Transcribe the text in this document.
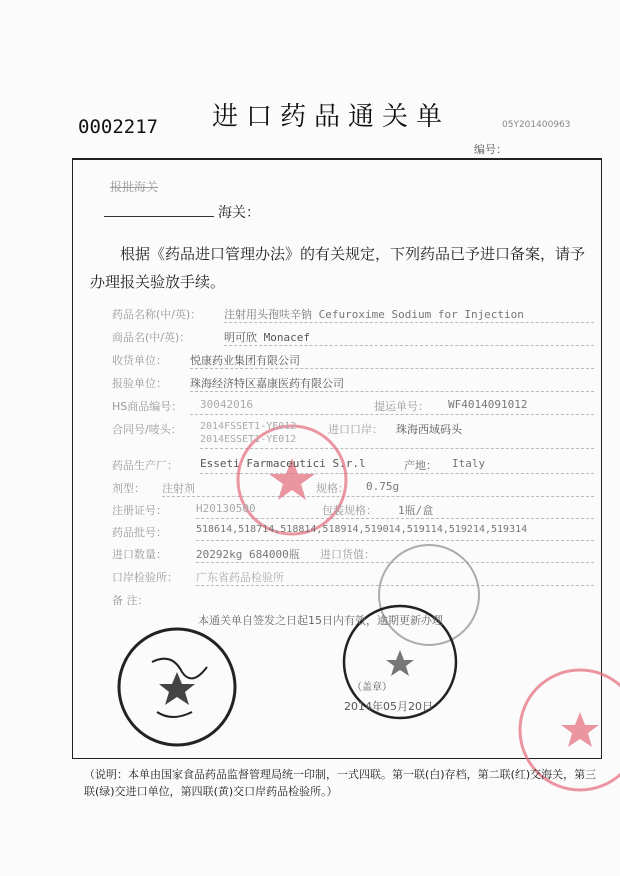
进口药品通关单
0002217	05Y201400963
编号：
报批海关
海关：
根据《药品进口管理办法》的有关规定，下列药品已予进口备案，请予办理报关验放手续。
药品名称(中/英)： 注射用头孢呋辛钠 Cefuroxime Sodium for Injection
商品名(中/英)：	明可欣 Monacef
收货单位： 悦康药业集团有限公司
报验单位： 珠海经济特区嘉康医药有限公司
HS商品编号： 30042016	提运单号： WF4014091012
合同号/唛头： 2014FSSET1-YE012
2014ESSET1-YE012
进口口岸： 珠海西域码头
药品生产厂： Esseti Farmaceutici S.r.l	产地： Italy
剂型： 注射剂	规格： 0.75g
注册证号：	H20130500	包装规格： 1瓶/盒
药品批号：	518614,518714,518814,518914,519014,519114,519214,519314
进口数量：	20292kg 684000瓶 进口货值：
口岸检验所： 广东省药品检验所
备 注：
本通关单自签发之日起15日内有效，逾期更新办理
（盖章）
2014年05月20日
（说明：本单由国家食品药品监督管理局统一印制，一式四联。第一联(白)存档，第二联(红)交海关，第三联(绿)交进口单位，第四联(黄)交口岸药品检验所。）
